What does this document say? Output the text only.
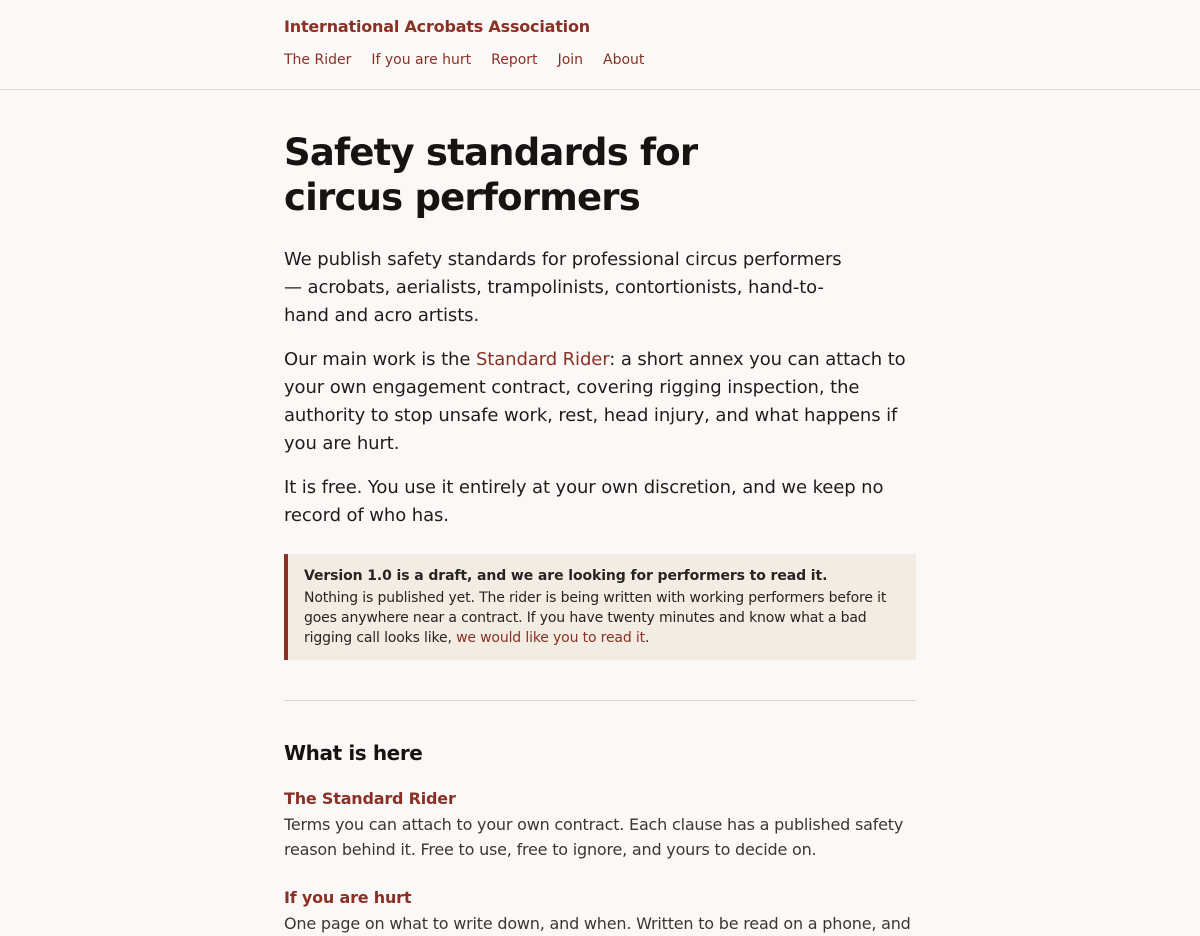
International Acrobats Association
The Rider If you are hurt Report Join About
Safety standards for circus performers

We publish safety standards for professional circus performers — acrobats, aerialists, trampolinists, contortionists, hand-to-hand and acro artists.

Our main work is the Standard Rider: a short annex you can attach to your own engagement contract, covering rigging inspection, the authority to stop unsafe work, rest, head injury, and what happens if you are hurt.

It is free. You use it entirely at your own discretion, and we keep no record of who has.

Version 1.0 is a draft, and we are looking for performers to read it.
Nothing is published yet. The rider is being written with working performers before it goes anywhere near a contract. If you have twenty minutes and know what a bad rigging call looks like, we would like you to read it.
What is here
The Standard Rider
Terms you can attach to your own contract. Each clause has a published safety reason behind it. Free to use, free to ignore, and yours to decide on.
If you are hurt
One page on what to write down, and when. Written to be read on a phone, and
